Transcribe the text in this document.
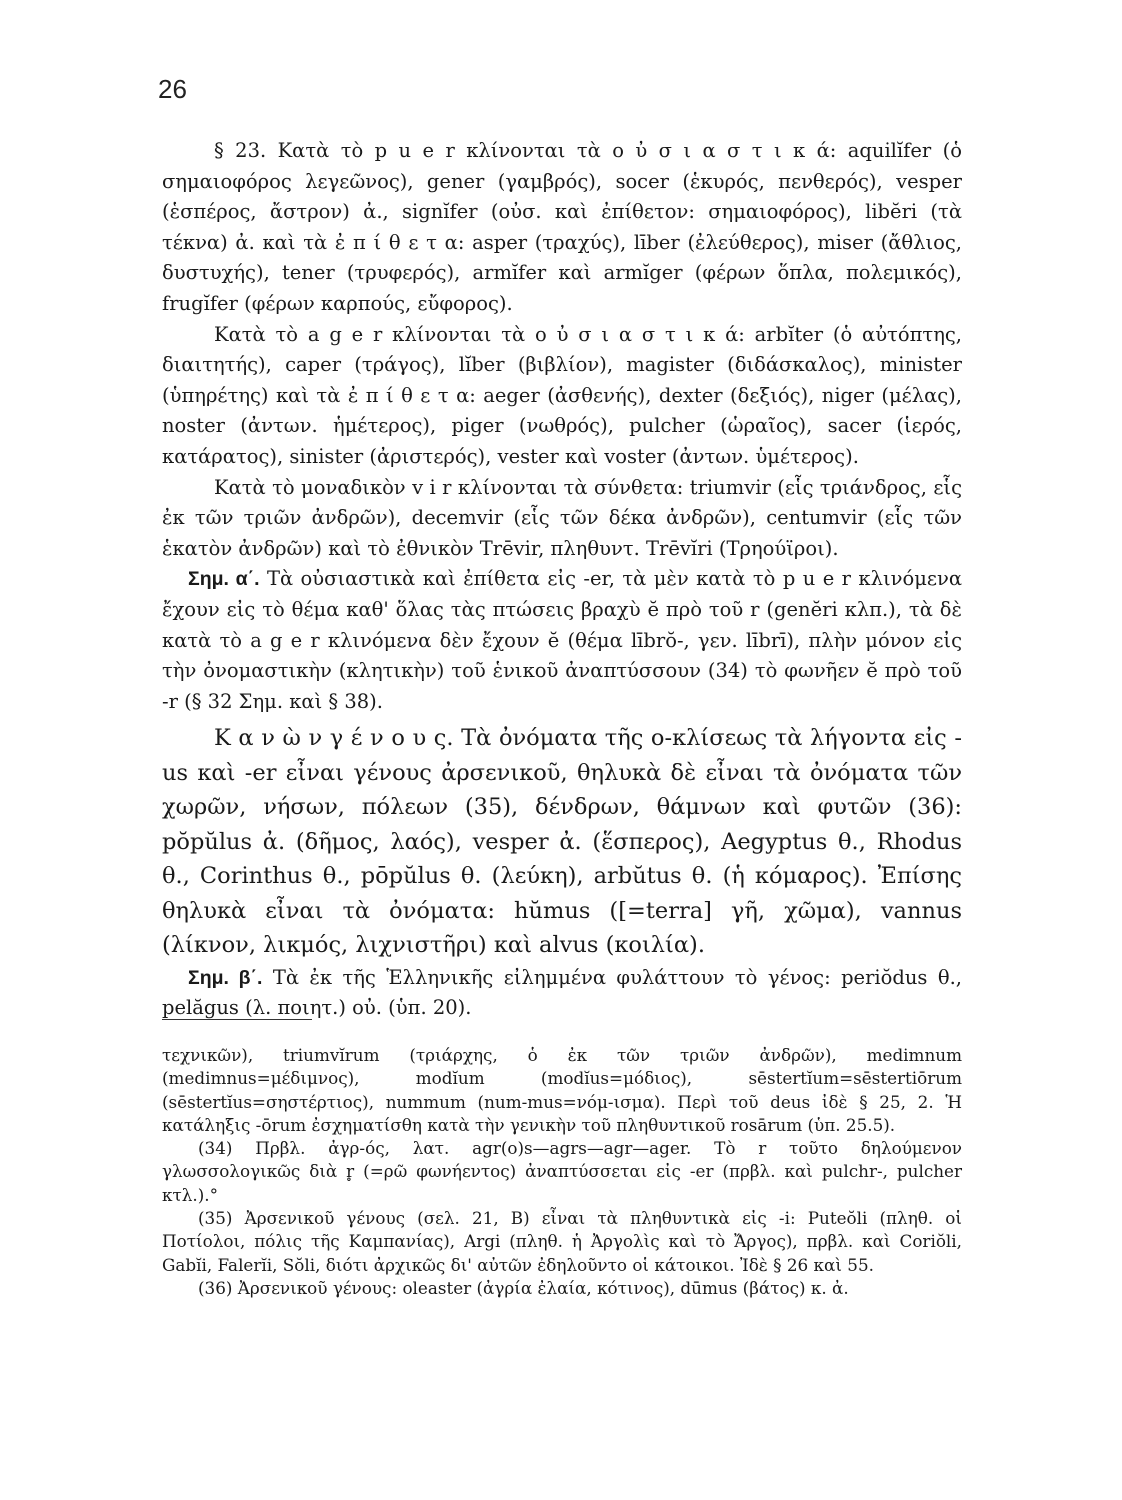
26

§ 23. Κατὰ τὸ p u e r κλίνονται τὰ ο ὐ σ ι α σ τ ι κ ά: aquilĭfer (ὁ σημαιοφόρος λεγεῶνος), gener (γαμβρός), socer (ἑκυρός, πενθερός), vesper (ἑσπέρος, ἄστρον) ἀ., signĭfer (οὐσ. καὶ ἐπίθετον: σημαιοφόρος), libĕri (τὰ τέκνα) ἀ. καὶ τὰ ἐ π ί θ ε τ α: asper (τραχύς), līber (ἐλεύθερος), miser (ἄθλιος, δυστυχής), tener (τρυφερός), armĭfer καὶ armĭger (φέρων ὅπλα, πολεμικός), frugĭfer (φέρων καρπούς, εὔφορος).

Κατὰ τὸ a g e r κλίνονται τὰ ο ὐ σ ι α σ τ ι κ ά: arbĭter (ὁ αὐτόπτης, διαιτητής), caper (τράγος), lĭber (βιβλίον), magister (διδάσκαλος), minister (ὑπηρέτης) καὶ τὰ ἐ π ί θ ε τ α: aeger (ἀσθενής), dexter (δεξιός), niger (μέλας), noster (ἀντων. ἡμέτερος), piger (νωθρός), pulcher (ὡραῖος), sacer (ἱερός, κατάρατος), sinister (ἀριστερός), vester καὶ voster (ἀντων. ὑμέτερος).

Κατὰ τὸ μοναδικὸν v i r κλίνονται τὰ σύνθετα: triumvir (εἷς τριάνδρος, εἷς ἐκ τῶν τριῶν ἀνδρῶν), decemvir (εἷς τῶν δέκα ἀνδρῶν), centumvir (εἷς τῶν ἑκατὸν ἀνδρῶν) καὶ τὸ ἐθνικὸν Trēvir, πληθυντ. Trēvĭri (Τρηούϊροι).

Σημ. α΄. Τὰ οὐσιαστικὰ καὶ ἐπίθετα εἰς -er, τὰ μὲν κατὰ τὸ p u e r κλινόμενα ἔχουν εἰς τὸ θέμα καθ' ὅλας τὰς πτώσεις βραχὺ ĕ πρὸ τοῦ r (genĕri κλπ.), τὰ δὲ κατὰ τὸ a g e r κλινόμενα δὲν ἔχουν ĕ (θέμα lībrŏ-, γεν. lībrī), πλὴν μόνον εἰς τὴν ὀνομαστικὴν (κλητικὴν) τοῦ ἑνικοῦ ἀναπτύσσουν (34) τὸ φωνῆεν ĕ πρὸ τοῦ -r (§ 32 Σημ. καὶ § 38).

Κ α ν ὼ ν γ έ ν ο υ ς. Τὰ ὀνόματα τῆς o-κλίσεως τὰ λήγοντα εἰς -us καὶ -er εἶναι γένους ἀρσενικοῦ, θηλυκὰ δὲ εἶναι τὰ ὀνόματα τῶν χωρῶν, νήσων, πόλεων (35), δένδρων, θάμνων καὶ φυτῶν (36): pŏpŭlus ἀ. (δῆμος, λαός), vesper ἀ. (ἕσπερος), Aegyptus θ., Rhodus θ., Corinthus θ., pōpŭlus θ. (λεύκη), arbŭtus θ. (ἡ κόμαρος). Ἐπίσης θηλυκὰ εἶναι τὰ ὀνόματα: hŭmus ([=terra] γῆ, χῶμα), vannus (λίκνον, λικμός, λιχνιστῆρι) καὶ alvus (κοιλία).

Σημ. β΄. Τὰ ἐκ τῆς Ἑλληνικῆς εἰλημμένα φυλάττουν τὸ γένος: periŏdus θ., pelăgus (λ. ποιητ.) οὐ. (ὑπ. 20).

τεχνικῶν), triumvĭrum (τριάρχης, ὁ ἐκ τῶν τριῶν ἀνδρῶν), medimnum (medimnus=μέδιμνος), modĭum (modĭus=μόδιος), sēstertĭum=sēstertiōrum (sēstertĭus=σηστέρτιος), nummum (num-mus=νόμ-ισμα). Περὶ τοῦ deus ἰδὲ § 25, 2. Ἡ κατάληξις -ōrum ἐσχηματίσθη κατὰ τὴν γενικὴν τοῦ πληθυντικοῦ rosārum (ὑπ. 25.5).

(34) Πρβλ. ἀγρ-ός, λατ. agr(o)s—agrs—agr—ager. Τὸ r τοῦτο δηλούμενον γλωσσολογικῶς διὰ r̥ (=ρῶ φωνήεντος) ἀναπτύσσεται εἰς -er (πρβλ. καὶ pulchr-, pulcher κτλ.).°

(35) Ἀρσενικοῦ γένους (σελ. 21, Β) εἶναι τὰ πληθυντικὰ εἰς -i: Puteŏli (πληθ. οἱ Ποτίολοι, πόλις τῆς Καμπανίας), Argi (πληθ. ἡ Ἀργολὶς καὶ τὸ Ἄργος), πρβλ. καὶ Coriŏli, Gabĭi, Falerĭi, Sŏli, διότι ἀρχικῶς δι' αὐτῶν ἐδηλοῦντο οἱ κάτοικοι. Ἰδὲ § 26 καὶ 55.

(36) Ἀρσενικοῦ γένους: oleaster (ἀγρία ἐλαία, κότινος), dūmus (βάτος) κ. ἀ.
